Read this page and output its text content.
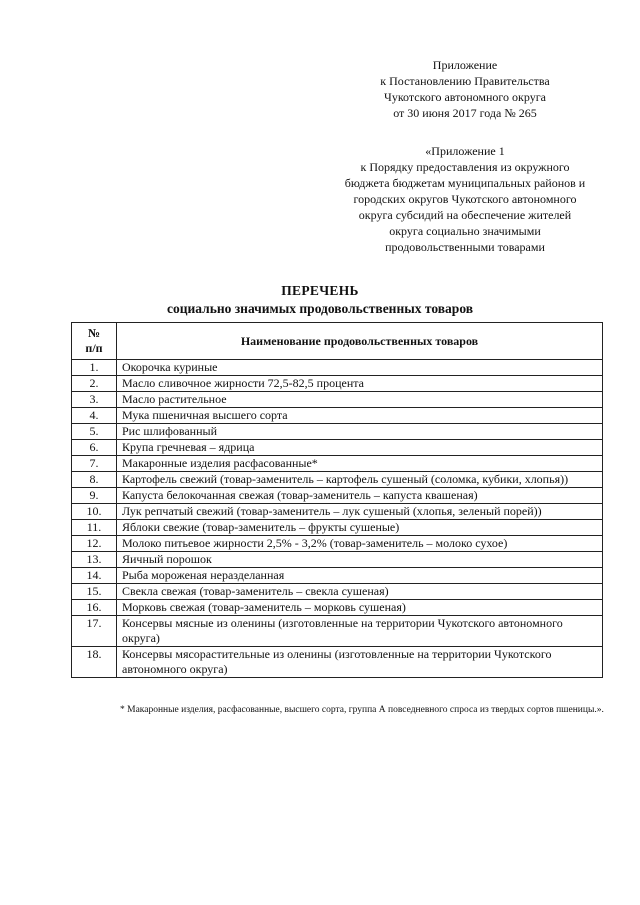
Приложение
к Постановлению Правительства
Чукотского автономного округа
от 30 июня 2017 года № 265
«Приложение 1
к Порядку предоставления из окружного
бюджета бюджетам муниципальных районов и
городских округов Чукотского автономного
округа субсидий на обеспечение жителей
округа социально значимыми
продовольственными товарами
ПЕРЕЧЕНЬ
социально значимых продовольственных товаров
№
п/п	Наименование продовольственных товаров
1.	Окорочка куриные
2.	Масло сливочное жирности 72,5-82,5 процента
3.	Масло растительное
4.	Мука пшеничная высшего сорта
5.	Рис шлифованный
6.	Крупа гречневая – ядрица
7.	Макаронные изделия расфасованные*
8.	Картофель свежий (товар-заменитель – картофель сушеный (соломка, кубики, хлопья))
9.	Капуста белокочанная свежая (товар-заменитель – капуста квашеная)
10.	Лук репчатый свежий (товар-заменитель – лук сушеный (хлопья, зеленый порей))
11.	Яблоки свежие (товар-заменитель – фрукты сушеные)
12.	Молоко питьевое жирности 2,5% - 3,2% (товар-заменитель – молоко сухое)
13.	Яичный порошок
14.	Рыба мороженая неразделанная
15.	Свекла свежая (товар-заменитель – свекла сушеная)
16.	Морковь свежая (товар-заменитель – морковь сушеная)
17.	Консервы мясные из оленины (изготовленные на территории Чукотского автономного округа)
18.	Консервы мясорастительные из оленины (изготовленные на территории Чукотского автономного округа)
* Макаронные изделия, расфасованные, высшего сорта, группа А повседневного спроса из твердых сортов пшеницы.».
